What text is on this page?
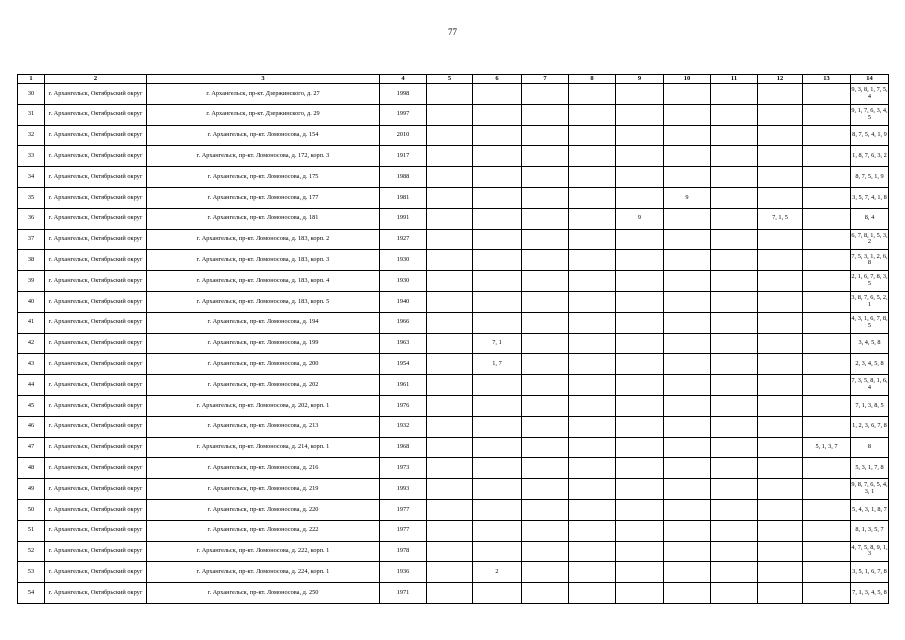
77
1	2	3	4	5	6	7	8	9	10	11	12	13	14
30	г. Архангельск, Октябрьский округ	г. Архангельск, пр-кт. Дзержинского, д. 27	1998										9, 3, 8, 1, 7, 5, 4
31	г. Архангельск, Октябрьский округ	г. Архангельск, пр-кт. Дзержинского, д. 29	1997										9, 1, 7, 6, 3, 4, 5
32	г. Архангельск, Октябрьский округ	г. Архангельск, пр-кт. Ломоносова, д. 154	2010										8, 7, 5, 4, 1, 9
33	г. Архангельск, Октябрьский округ	г. Архангельск, пр-кт. Ломоносова, д. 172, корп. 3	1917										1, 8, 7, 6, 3, 2
34	г. Архангельск, Октябрьский округ	г. Архангельск, пр-кт. Ломоносова, д. 175	1988										8, 7, 5, 1, 9
35	г. Архангельск, Октябрьский округ	г. Архангельск, пр-кт. Ломоносова, д. 177	1981						9				3, 5, 7, 4, 1, 8
36	г. Архангельск, Октябрьский округ	г. Архангельск, пр-кт. Ломоносова, д. 181	1991					9			7, 1, 5		8, 4
37	г. Архангельск, Октябрьский округ	г. Архангельск, пр-кт. Ломоносова, д. 183, корп. 2	1927										6, 7, 8, 1, 5, 3, 2
38	г. Архангельск, Октябрьский округ	г. Архангельск, пр-кт. Ломоносова, д. 183, корп. 3	1930										7, 5, 3, 1, 2, 6, 8
39	г. Архангельск, Октябрьский округ	г. Архангельск, пр-кт. Ломоносова, д. 183, корп. 4	1930										2, 1, 6, 7, 8, 3, 5
40	г. Архангельск, Октябрьский округ	г. Архангельск, пр-кт. Ломоносова, д. 183, корп. 5	1940										3, 8, 7, 6, 5, 2, 1
41	г. Архангельск, Октябрьский округ	г. Архангельск, пр-кт. Ломоносова, д. 194	1966										4, 3, 1, 6, 7, 8, 5
42	г. Архангельск, Октябрьский округ	г. Архангельск, пр-кт. Ломоносова, д. 199	1963		7, 1								3, 4, 5, 8
43	г. Архангельск, Октябрьский округ	г. Архангельск, пр-кт. Ломоносова, д. 200	1954		1, 7								2, 3, 4, 5, 8
44	г. Архангельск, Октябрьский округ	г. Архангельск, пр-кт. Ломоносова, д. 202	1961										7, 3, 5, 8, 1, 6, 4
45	г. Архангельск, Октябрьский округ	г. Архангельск, пр-кт. Ломоносова, д. 202, корп. 1	1976										7, 1, 3, 8, 5
46	г. Архангельск, Октябрьский округ	г. Архангельск, пр-кт. Ломоносова, д. 213	1932										1, 2, 3, 6, 7, 8
47	г. Архангельск, Октябрьский округ	г. Архангельск, пр-кт. Ломоносова, д. 214, корп. 1	1968									5, 1, 3, 7	8
48	г. Архангельск, Октябрьский округ	г. Архангельск, пр-кт. Ломоносова, д. 216	1973										5, 3, 1, 7, 8
49	г. Архангельск, Октябрьский округ	г. Архангельск, пр-кт. Ломоносова, д. 219	1993										9, 8, 7, 6, 5, 4, 3, 1
50	г. Архангельск, Октябрьский округ	г. Архангельск, пр-кт. Ломоносова, д. 220	1977										5, 4, 3, 1, 8, 7
51	г. Архангельск, Октябрьский округ	г. Архангельск, пр-кт. Ломоносова, д. 222	1977										8, 1, 3, 5, 7
52	г. Архангельск, Октябрьский округ	г. Архангельск, пр-кт. Ломоносова, д. 222, корп. 1	1978										4, 7, 5, 8, 9, 1, 3
53	г. Архангельск, Октябрьский округ	г. Архангельск, пр-кт. Ломоносова, д. 224, корп. 1	1936		2								3, 5, 1, 6, 7, 8
54	г. Архангельск, Октябрьский округ	г. Архангельск, пр-кт. Ломоносова, д. 250	1971										7, 1, 3, 4, 5, 8
